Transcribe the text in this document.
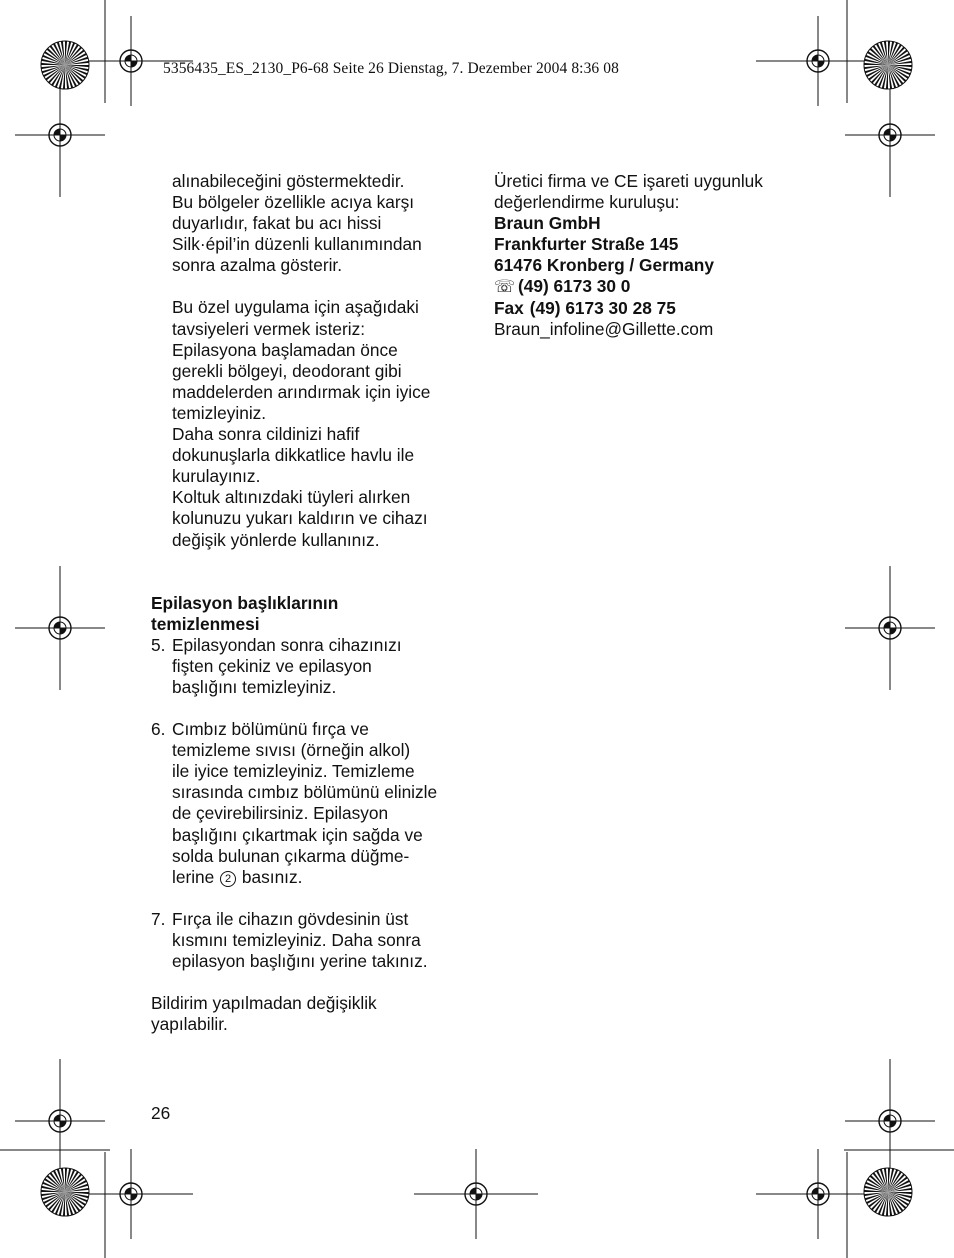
5356435_ES_2130_P6-68 Seite 26 Dienstag, 7. Dezember 2004 8:36 08

alınabileceğini göstermektedir.

Bu bölgeler özellikle acıya karşı

duyarlıdır, fakat bu acı hissi

Silk·épil’in düzenli kullanımından

sonra azalma gösterir.

Bu özel uygulama için aşağıdaki

tavsiyeleri vermek isteriz:

Epilasyona başlamadan önce

gerekli bölgeyi, deodorant gibi

maddelerden arındırmak için iyice

temizleyiniz.

Daha sonra cildinizi hafif

dokunuşlarla dikkatlice havlu ile

kurulayınız.

Koltuk altınızdaki tüyleri alırken

kolunuzu yukarı kaldırın ve cihazı

değişik yönlerde kullanınız.

Epilasyon başlıklarının

temizlenmesi

5. Epilasyondan sonra cihazınızı

fişten çekiniz ve epilasyon

başlığını temizleyiniz.

6. Cımbız bölümünü fırça ve

temizleme sıvısı (örneğin alkol)

ile iyice temizleyiniz. Temizleme

sırasında cımbız bölümünü elinizle

de çevirebilirsiniz. Epilasyon

başlığını çıkartmak için sağda ve

solda bulunan çıkarma düğme-

lerine 2 basınız.

7. Fırça ile cihazın gövdesinin üst

kısmını temizleyiniz. Daha sonra

epilasyon başlığını yerine takınız.

Bildirim yapılmadan değişiklik

yapılabilir.

Üretici firma ve CE işareti uygunluk

değerlendirme kuruluşu:

Braun GmbH

Frankfurter Straße 145

61476 Kronberg / Germany

☏ (49) 6173 30 0

Fax (49) 6173 30 28 75

Braun_infoline@Gillette.com

26
